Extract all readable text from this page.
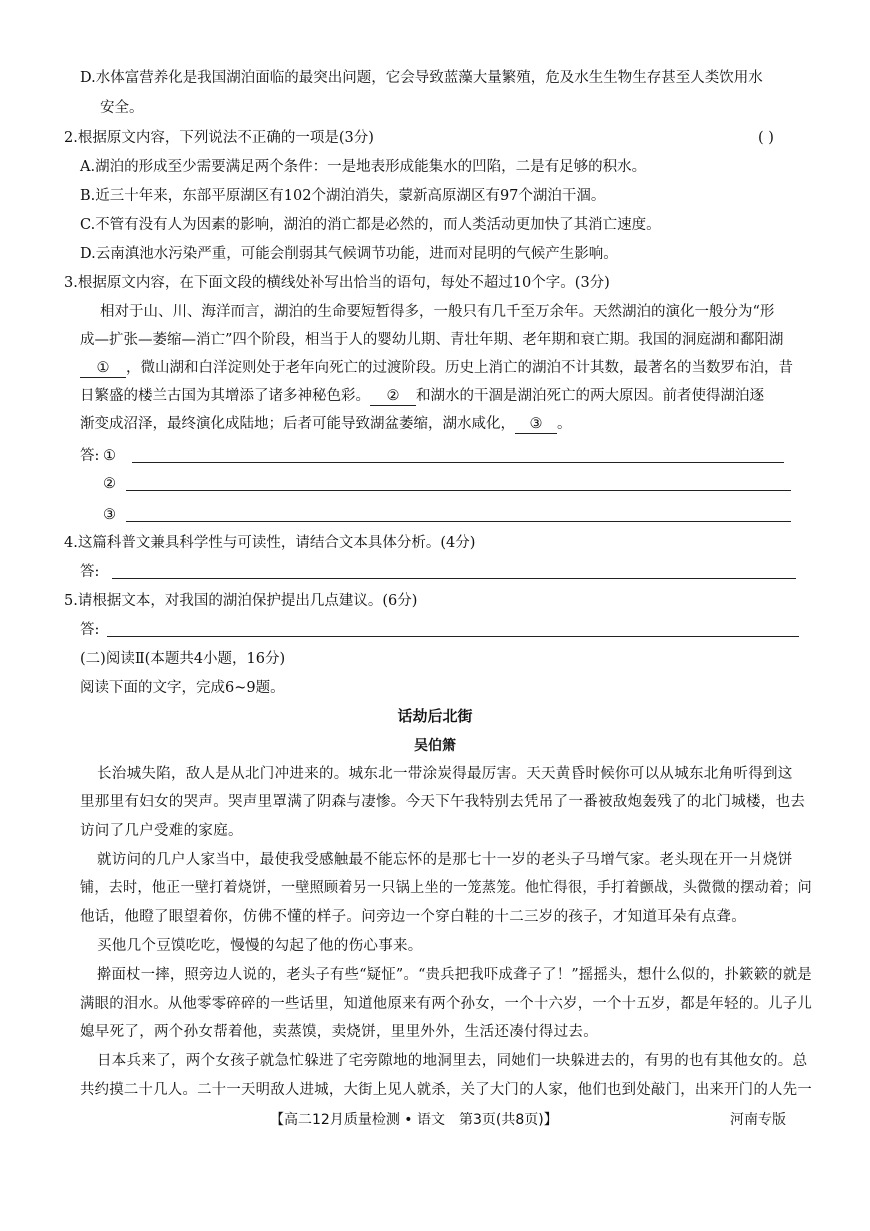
D.水体富营养化是我国湖泊面临的最突出问题，它会导致蓝藻大量繁殖，危及水生生物生存甚至人类饮用水
安全。
2.根据原文内容，下列说法不正确的一项是(3分)	( )
A.湖泊的形成至少需要满足两个条件：一是地表形成能集水的凹陷，二是有足够的积水。
B.近三十年来，东部平原湖区有102个湖泊消失，蒙新高原湖区有97个湖泊干涸。
C.不管有没有人为因素的影响，湖泊的消亡都是必然的，而人类活动更加快了其消亡速度。
D.云南滇池水污染严重，可能会削弱其气候调节功能，进而对昆明的气候产生影响。
3.根据原文内容，在下面文段的横线处补写出恰当的语句，每处不超过10个字。(3分)
相对于山、川、海洋而言，湖泊的生命要短暂得多，一般只有几千至万余年。天然湖泊的演化一般分为“形
成—扩张—萎缩—消亡”四个阶段，相当于人的婴幼儿期、青壮年期、老年期和衰亡期。我国的洞庭湖和鄱阳湖
① ，微山湖和白洋淀则处于老年向死亡的过渡阶段。历史上消亡的湖泊不计其数，最著名的当数罗布泊，昔
日繁盛的楼兰古国为其增添了诸多神秘色彩。 ② 和湖水的干涸是湖泊死亡的两大原因。前者使得湖泊逐
渐变成沼泽，最终演化成陆地；后者可能导致湖盆萎缩，湖水咸化， ③ 。
答: ①
②
③
4.这篇科普文兼具科学性与可读性，请结合文本具体分析。(4分)
答:
5.请根据文本，对我国的湖泊保护提出几点建议。(6分)
答:
(二)阅读Ⅱ(本题共4小题，16分)
阅读下面的文字，完成6~9题。
话劫后北街
吴伯箫
长治城失陷，敌人是从北门冲进来的。城东北一带涂炭得最厉害。天天黄昏时候你可以从城东北角听得到这
里那里有妇女的哭声。哭声里罩满了阴森与凄惨。今天下午我特别去凭吊了一番被敌炮轰残了的北门城楼，也去
访问了几户受难的家庭。
就访问的几户人家当中，最使我受感触最不能忘怀的是那七十一岁的老头子马增气家。老头现在开一爿烧饼
铺，去时，他正一壁打着烧饼，一壁照顾着另一只锅上坐的一笼蒸笼。他忙得很，手打着颤战，头微微的摆动着；问
他话，他瞪了眼望着你，仿佛不懂的样子。问旁边一个穿白鞋的十二三岁的孩子，才知道耳朵有点聋。
买他几个豆馍吃吃，慢慢的勾起了他的伤心事来。
擀面杖一摔，照旁边人说的，老头子有些“疑怔”。“贵兵把我吓成聋子了！”摇摇头，想什么似的，扑簌簌的就是
满眼的泪水。从他零零碎碎的一些话里，知道他原来有两个孙女，一个十六岁，一个十五岁，都是年轻的。儿子儿
媳早死了，两个孙女帮着他，卖蒸馍，卖烧饼，里里外外，生活还凑付得过去。
日本兵来了，两个女孩子就急忙躲进了宅旁隙地的地洞里去，同她们一块躲进去的，有男的也有其他女的。总
共约摸二十几人。二十一天明敌人进城，大街上见人就杀，关了大门的人家，他们也到处敲门，出来开门的人先一
【高二12月质量检测 • 语文　第3页(共8页)】	河南专版
